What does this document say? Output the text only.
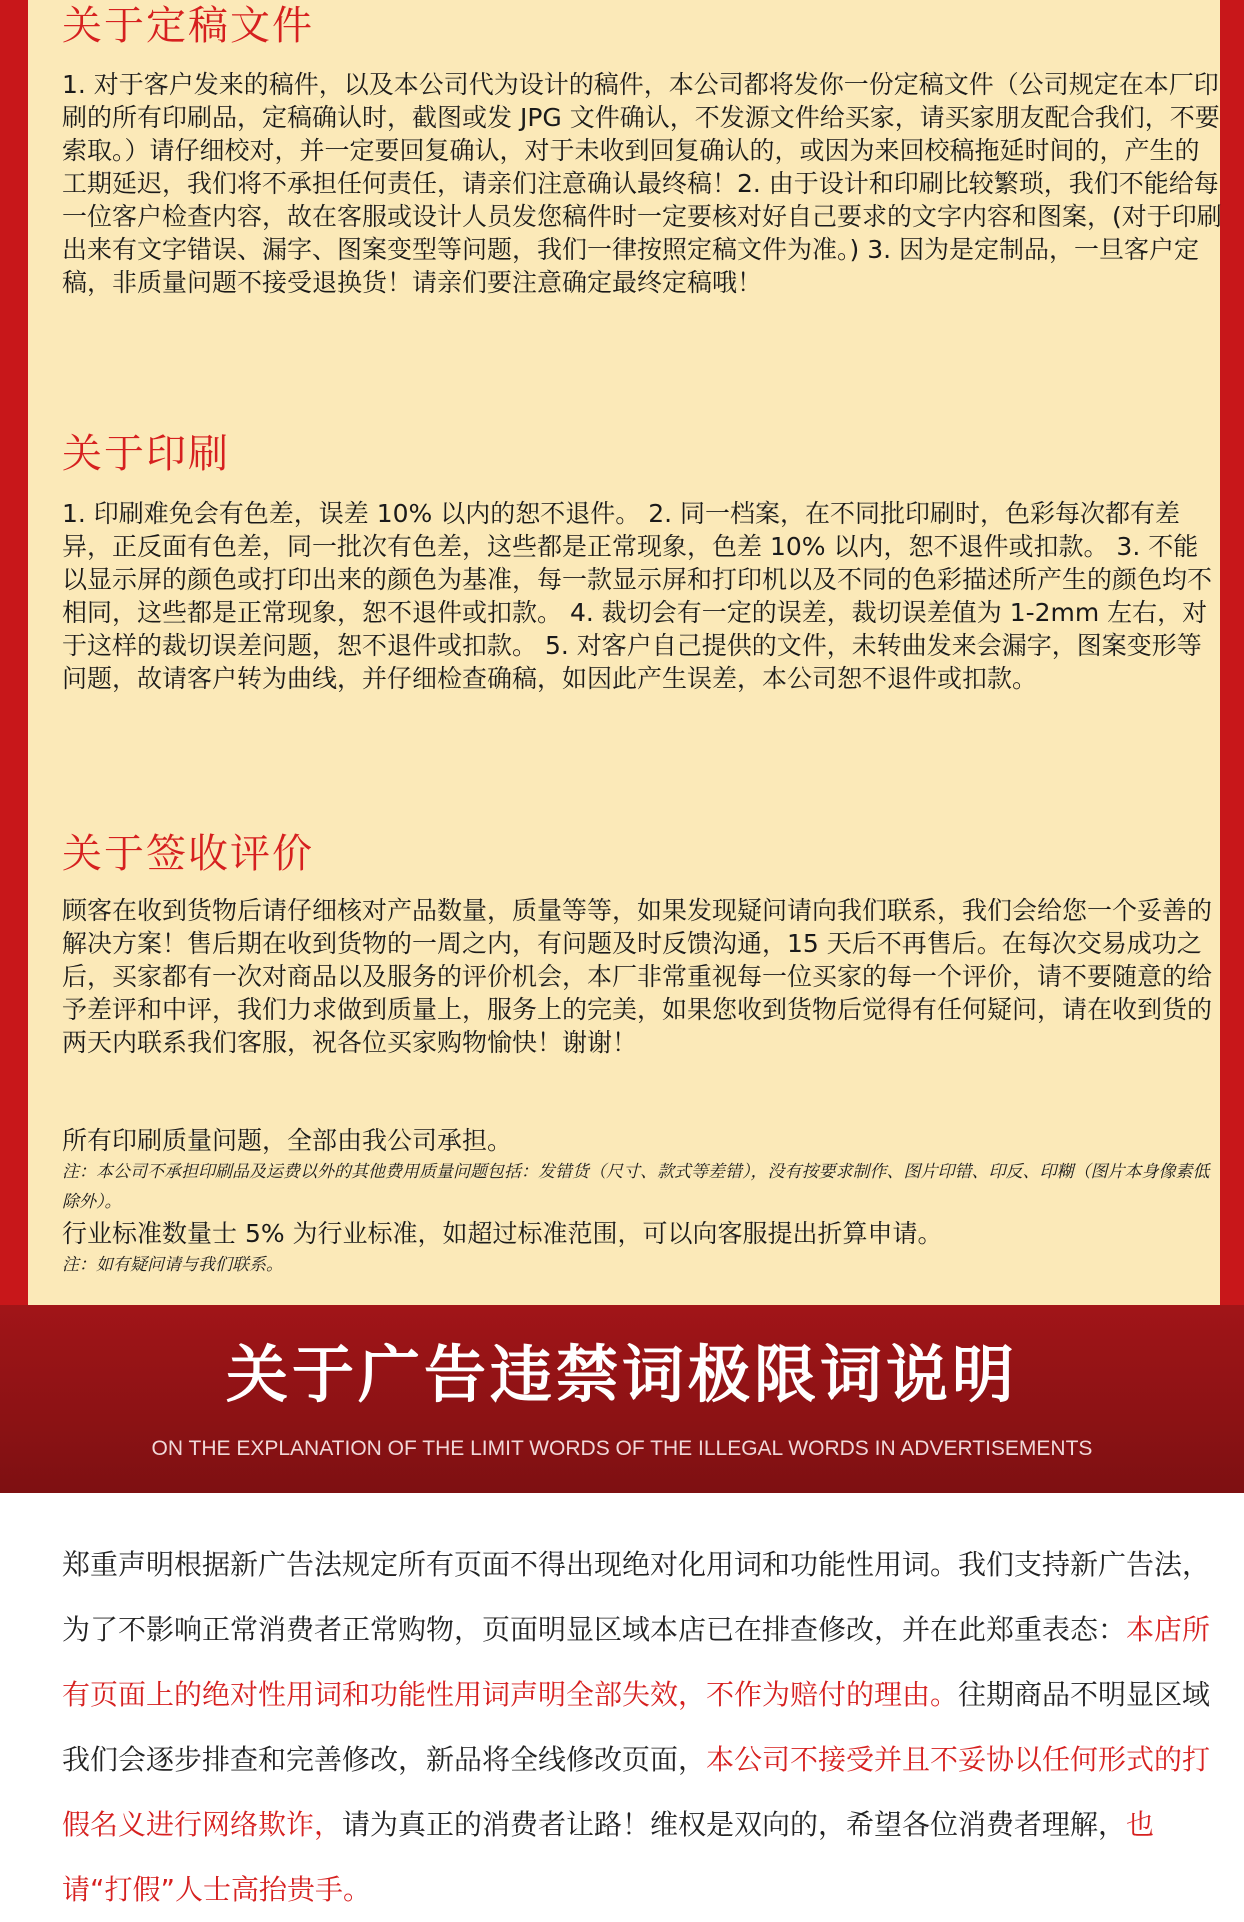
关于定稿文件

1. 对于客户发来的稿件，以及本公司代为设计的稿件，本公司都将发你一份定稿文件（公司规定在本厂印刷的所有印刷品，定稿确认时，截图或发 JPG 文件确认，不发源文件给买家，请买家朋友配合我们，不要索取。）请仔细校对，并一定要回复确认，对于未收到回复确认的，或因为来回校稿拖延时间的，产生的工期延迟，我们将不承担任何责任，请亲们注意确认最终稿！2. 由于设计和印刷比较繁琐，我们不能给每一位客户检查内容，故在客服或设计人员发您稿件时一定要核对好自己要求的文字内容和图案，(对于印刷出来有文字错误、漏字、图案变型等问题，我们一律按照定稿文件为准。) 3. 因为是定制品，一旦客户定稿，非质量问题不接受退换货！请亲们要注意确定最终定稿哦！

关于印刷

1. 印刷难免会有色差，误差 10% 以内的恕不退件。 2. 同一档案，在不同批印刷时，色彩每次都有差异，正反面有色差，同一批次有色差，这些都是正常现象，色差 10% 以内，恕不退件或扣款。 3. 不能以显示屏的颜色或打印出来的颜色为基准，每一款显示屏和打印机以及不同的色彩描述所产生的颜色均不相同，这些都是正常现象，恕不退件或扣款。 4. 裁切会有一定的误差，裁切误差值为 1-2mm 左右，对于这样的裁切误差问题，恕不退件或扣款。 5. 对客户自己提供的文件，未转曲发来会漏字，图案变形等问题，故请客户转为曲线，并仔细检查确稿，如因此产生误差，本公司恕不退件或扣款。

关于签收评价

顾客在收到货物后请仔细核对产品数量，质量等等，如果发现疑问请向我们联系，我们会给您一个妥善的解决方案！售后期在收到货物的一周之内，有问题及时反馈沟通，15 天后不再售后。在每次交易成功之后，买家都有一次对商品以及服务的评价机会，本厂非常重视每一位买家的每一个评价，请不要随意的给予差评和中评，我们力求做到质量上，服务上的完美，如果您收到货物后觉得有任何疑问，请在收到货的两天内联系我们客服，祝各位买家购物愉快！谢谢！

所有印刷质量问题，全部由我公司承担。

注：本公司不承担印刷品及运费以外的其他费用质量问题包括：发错货（尺寸、款式等差错），没有按要求制作、图片印错、印反、印糊（图片本身像素低除外）。

行业标准数量士 5% 为行业标准，如超过标准范围，可以向客服提出折算申请。

注：如有疑问请与我们联系。

关于广告违禁词极限词说明

ON THE EXPLANATION OF THE LIMIT WORDS OF THE ILLEGAL WORDS IN ADVERTISEMENTS

郑重声明根据新广告法规定所有页面不得出现绝对化用词和功能性用词。我们支持新广告法，为了不影响正常消费者正常购物，页面明显区域本店已在排查修改，并在此郑重表态：本店所有页面上的绝对性用词和功能性用词声明全部失效，不作为赔付的理由。往期商品不明显区域我们会逐步排查和完善修改，新品将全线修改页面，本公司不接受并且不妥协以任何形式的打假名义进行网络欺诈，请为真正的消费者让路！维权是双向的，希望各位消费者理解，也请“打假”人士高抬贵手。
